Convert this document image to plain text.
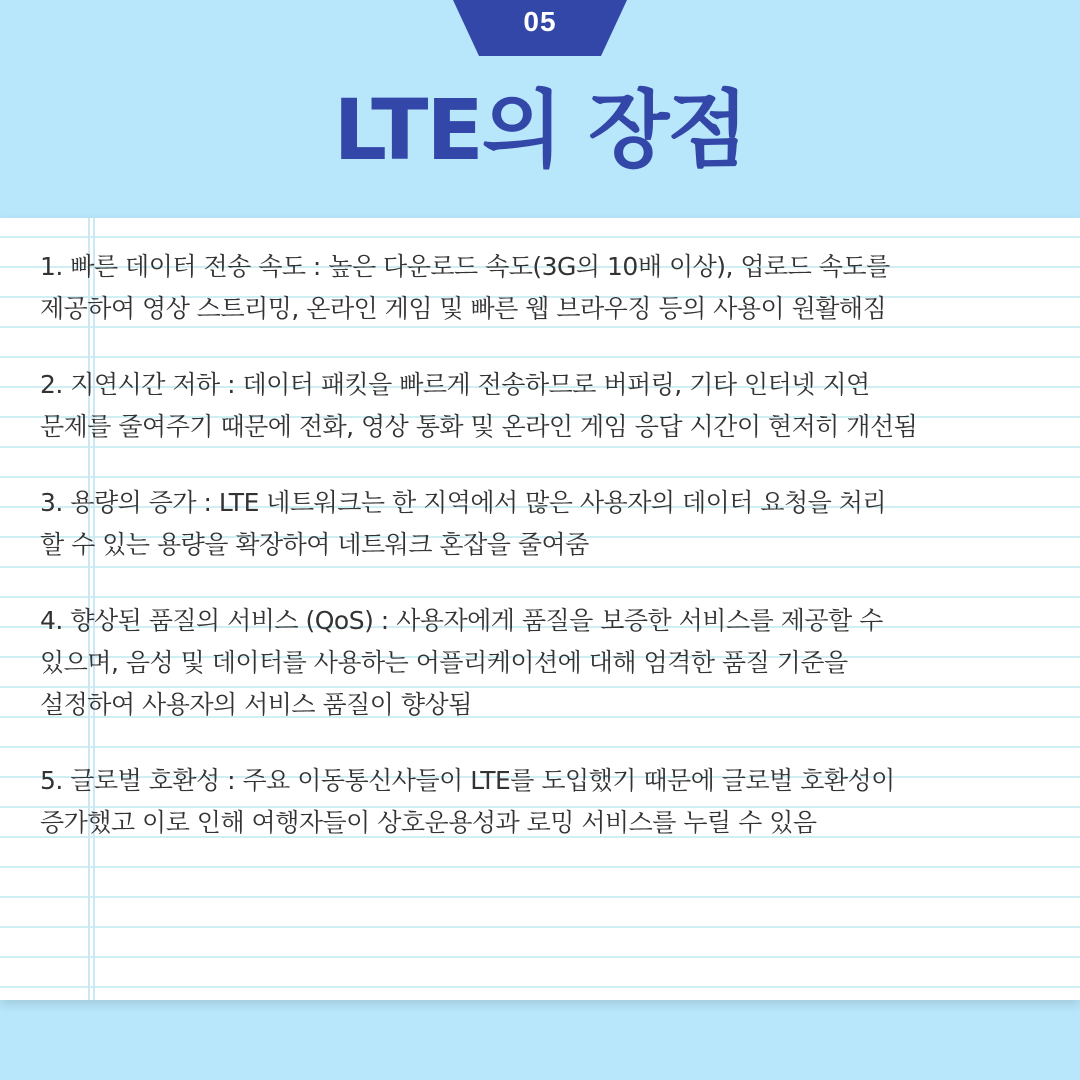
05
LTE의 장점

1. 빠른 데이터 전송 속도 : 높은 다운로드 속도(3G의 10배 이상), 업로드 속도를
제공하여 영상 스트리밍, 온라인 게임 및 빠른 웹 브라우징 등의 사용이 원활해짐

2. 지연시간 저하 : 데이터 패킷을 빠르게 전송하므로 버퍼링, 기타 인터넷 지연
문제를 줄여주기 때문에 전화, 영상 통화 및 온라인 게임 응답 시간이 현저히 개선됨

3. 용량의 증가 : LTE 네트워크는 한 지역에서 많은 사용자의 데이터 요청을 처리
할 수 있는 용량을 확장하여 네트워크 혼잡을 줄여줌

4. 향상된 품질의 서비스 (QoS) : 사용자에게 품질을 보증한 서비스를 제공할 수
있으며, 음성 및 데이터를 사용하는 어플리케이션에 대해 엄격한 품질 기준을
설정하여 사용자의 서비스 품질이 향상됨

5. 글로벌 호환성 : 주요 이동통신사들이 LTE를 도입했기 때문에 글로벌 호환성이
증가했고 이로 인해 여행자들이 상호운용성과 로밍 서비스를 누릴 수 있음
